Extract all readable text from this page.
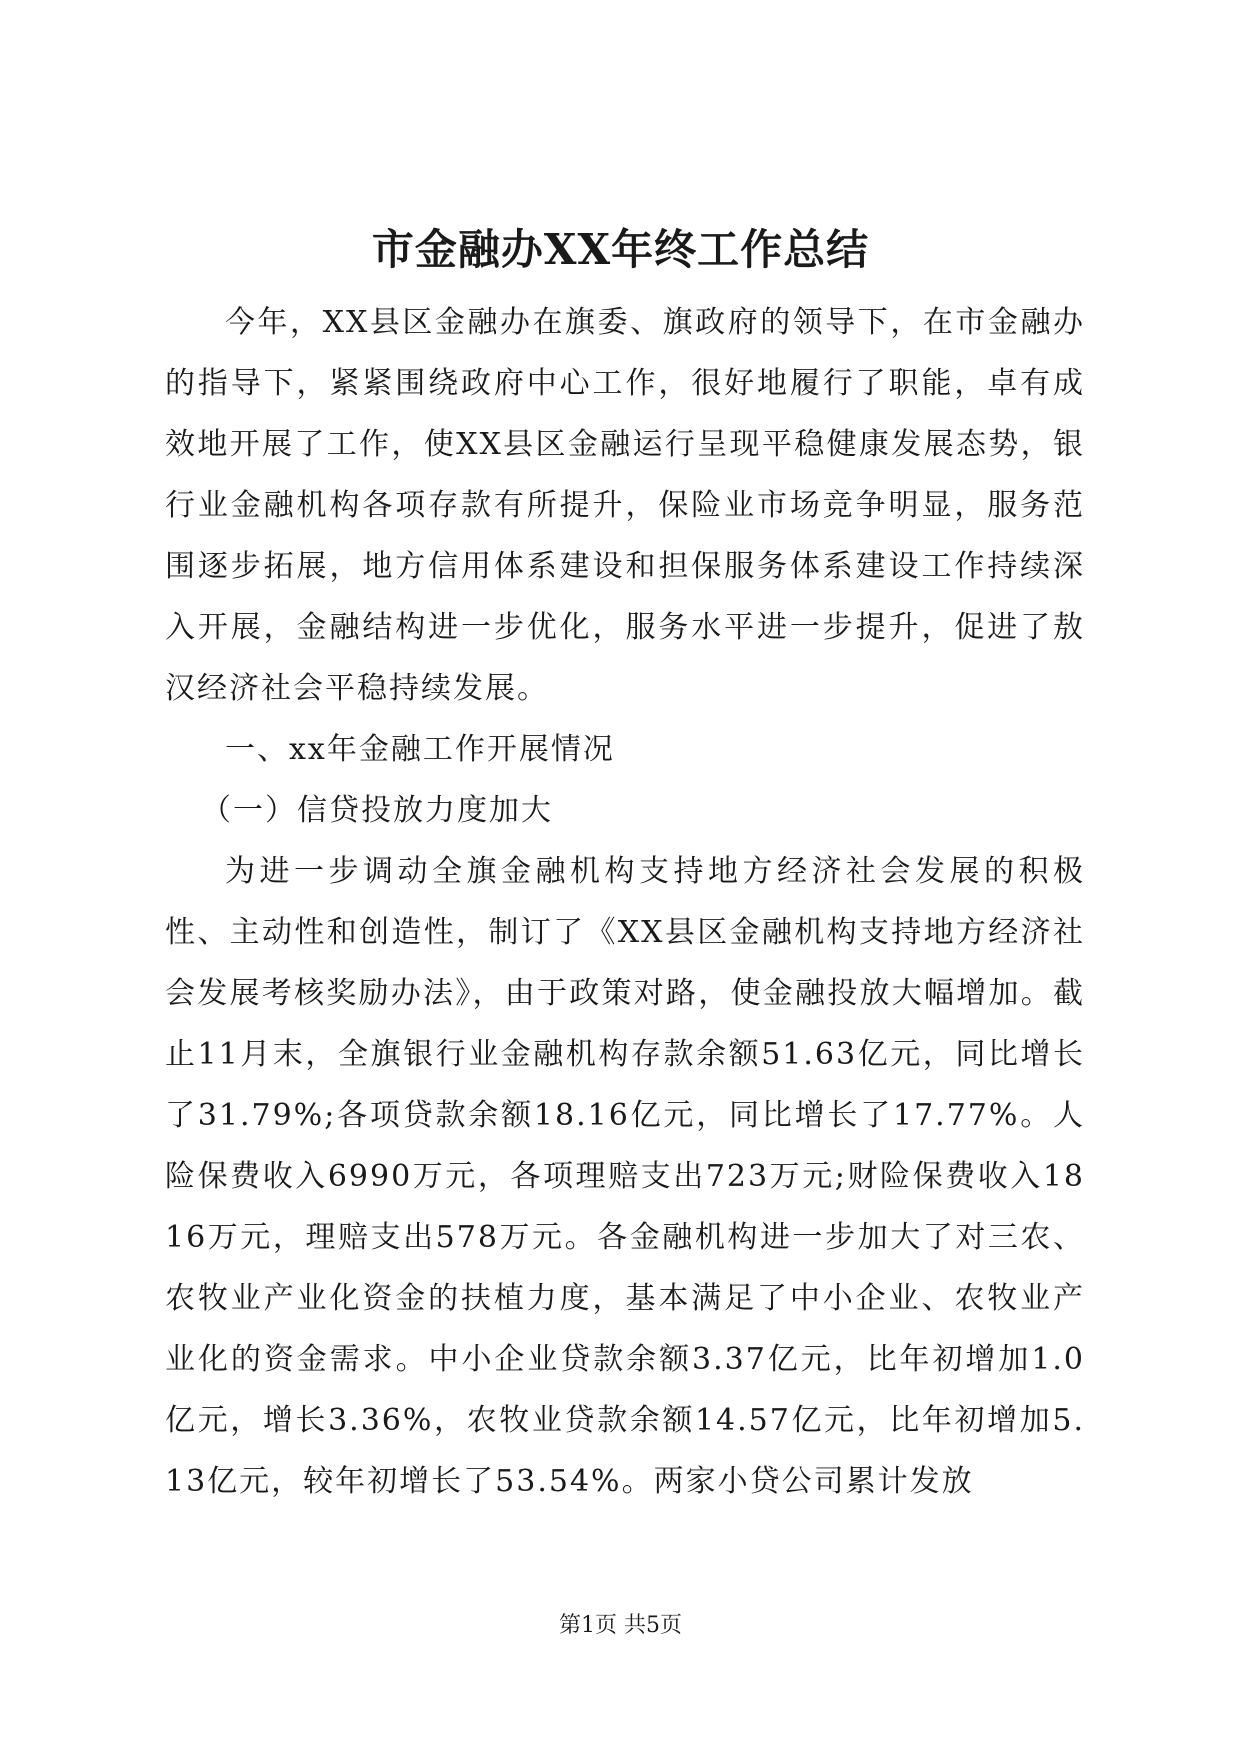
市金融办XX年终工作总结

今年，XX县区金融办在旗委、旗政府的领导下，在市金融办的指导下，紧紧围绕政府中心工作，很好地履行了职能，卓有成效地开展了工作，使XX县区金融运行呈现平稳健康发展态势，银行业金融机构各项存款有所提升，保险业市场竞争明显，服务范围逐步拓展，地方信用体系建设和担保服务体系建设工作持续深入开展，金融结构进一步优化，服务水平进一步提升，促进了敖汉经济社会平稳持续发展。

一、xx年金融工作开展情况

（一）信贷投放力度加大

为进一步调动全旗金融机构支持地方经济社会发展的积极性、主动性和创造性，制订了《XX县区金融机构支持地方经济社会发展考核奖励办法》，由于政策对路，使金融投放大幅增加。截止11月末，全旗银行业金融机构存款余额51.63亿元，同比增长了31.79%;各项贷款余额18.16亿元，同比增长了17.77%。人险保费收入6990万元，各项理赔支出723万元;财险保费收入1816万元，理赔支出578万元。各金融机构进一步加大了对三农、农牧业产业化资金的扶植力度，基本满足了中小企业、农牧业产业化的资金需求。中小企业贷款余额3.37亿元，比年初增加1.0亿元，增长3.36%，农牧业贷款余额14.57亿元，比年初增加5.13亿元，较年初增长了53.54%。两家小贷公司累计发放

第1页 共5页
